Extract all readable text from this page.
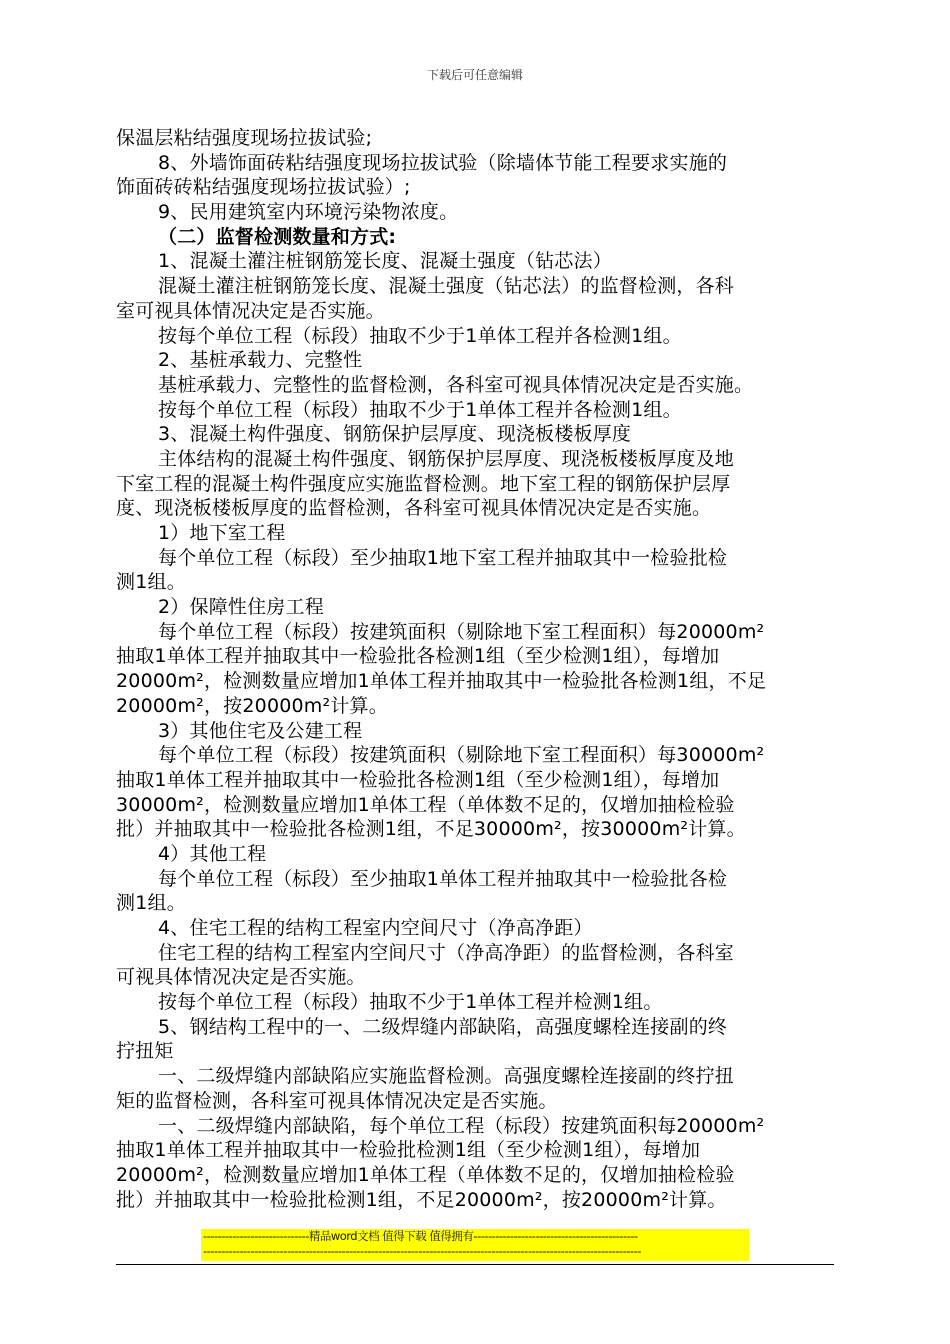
下载后可任意编辑
保温层粘结强度现场拉拔试验;
8、外墙饰面砖粘结强度现场拉拔试验（除墙体节能工程要求实施的
饰面砖砖粘结强度现场拉拔试验）;
9、民用建筑室内环境污染物浓度。
（二）监督检测数量和方式:
1、混凝土灌注桩钢筋笼长度、混凝土强度（钻芯法）
混凝土灌注桩钢筋笼长度、混凝土强度（钻芯法）的监督检测，各科
室可视具体情况决定是否实施。
按每个单位工程（标段）抽取不少于1单体工程并各检测1组。
2、基桩承载力、完整性
基桩承载力、完整性的监督检测，各科室可视具体情况决定是否实施。
按每个单位工程（标段）抽取不少于1单体工程并各检测1组。
3、混凝土构件强度、钢筋保护层厚度、现浇板楼板厚度
主体结构的混凝土构件强度、钢筋保护层厚度、现浇板楼板厚度及地
下室工程的混凝土构件强度应实施监督检测。地下室工程的钢筋保护层厚
度、现浇板楼板厚度的监督检测，各科室可视具体情况决定是否实施。
1）地下室工程
每个单位工程（标段）至少抽取1地下室工程并抽取其中一检验批检
测1组。
2）保障性住房工程
每个单位工程（标段）按建筑面积（剔除地下室工程面积）每20000m²
抽取1单体工程并抽取其中一检验批各检测1组（至少检测1组），每增加
20000m²，检测数量应增加1单体工程并抽取其中一检验批各检测1组，不足
20000m²，按20000m²计算。
3）其他住宅及公建工程
每个单位工程（标段）按建筑面积（剔除地下室工程面积）每30000m²
抽取1单体工程并抽取其中一检验批各检测1组（至少检测1组），每增加
30000m²，检测数量应增加1单体工程（单体数不足的，仅增加抽检检验
批）并抽取其中一检验批各检测1组，不足30000m²，按30000m²计算。
4）其他工程
每个单位工程（标段）至少抽取1单体工程并抽取其中一检验批各检
测1组。
4、住宅工程的结构工程室内空间尺寸（净高净距）
住宅工程的结构工程室内空间尺寸（净高净距）的监督检测，各科室
可视具体情况决定是否实施。
按每个单位工程（标段）抽取不少于1单体工程并检测1组。
5、钢结构工程中的一、二级焊缝内部缺陷，高强度螺栓连接副的终
拧扭矩
一、二级焊缝内部缺陷应实施监督检测。高强度螺栓连接副的终拧扭
矩的监督检测，各科室可视具体情况决定是否实施。
一、二级焊缝内部缺陷，每个单位工程（标段）按建筑面积每20000m²
抽取1单体工程并抽取其中一检验批检测1组（至少检测1组），每增加
20000m²，检测数量应增加1单体工程（单体数不足的，仅增加抽检检验
批）并抽取其中一检验批检测1组，不足20000m²，按20000m²计算。
-----------------------------精品word文档 值得下载 值得拥有---------------------------------------------
------------------------------------------------------------------------------------------------------------------------
